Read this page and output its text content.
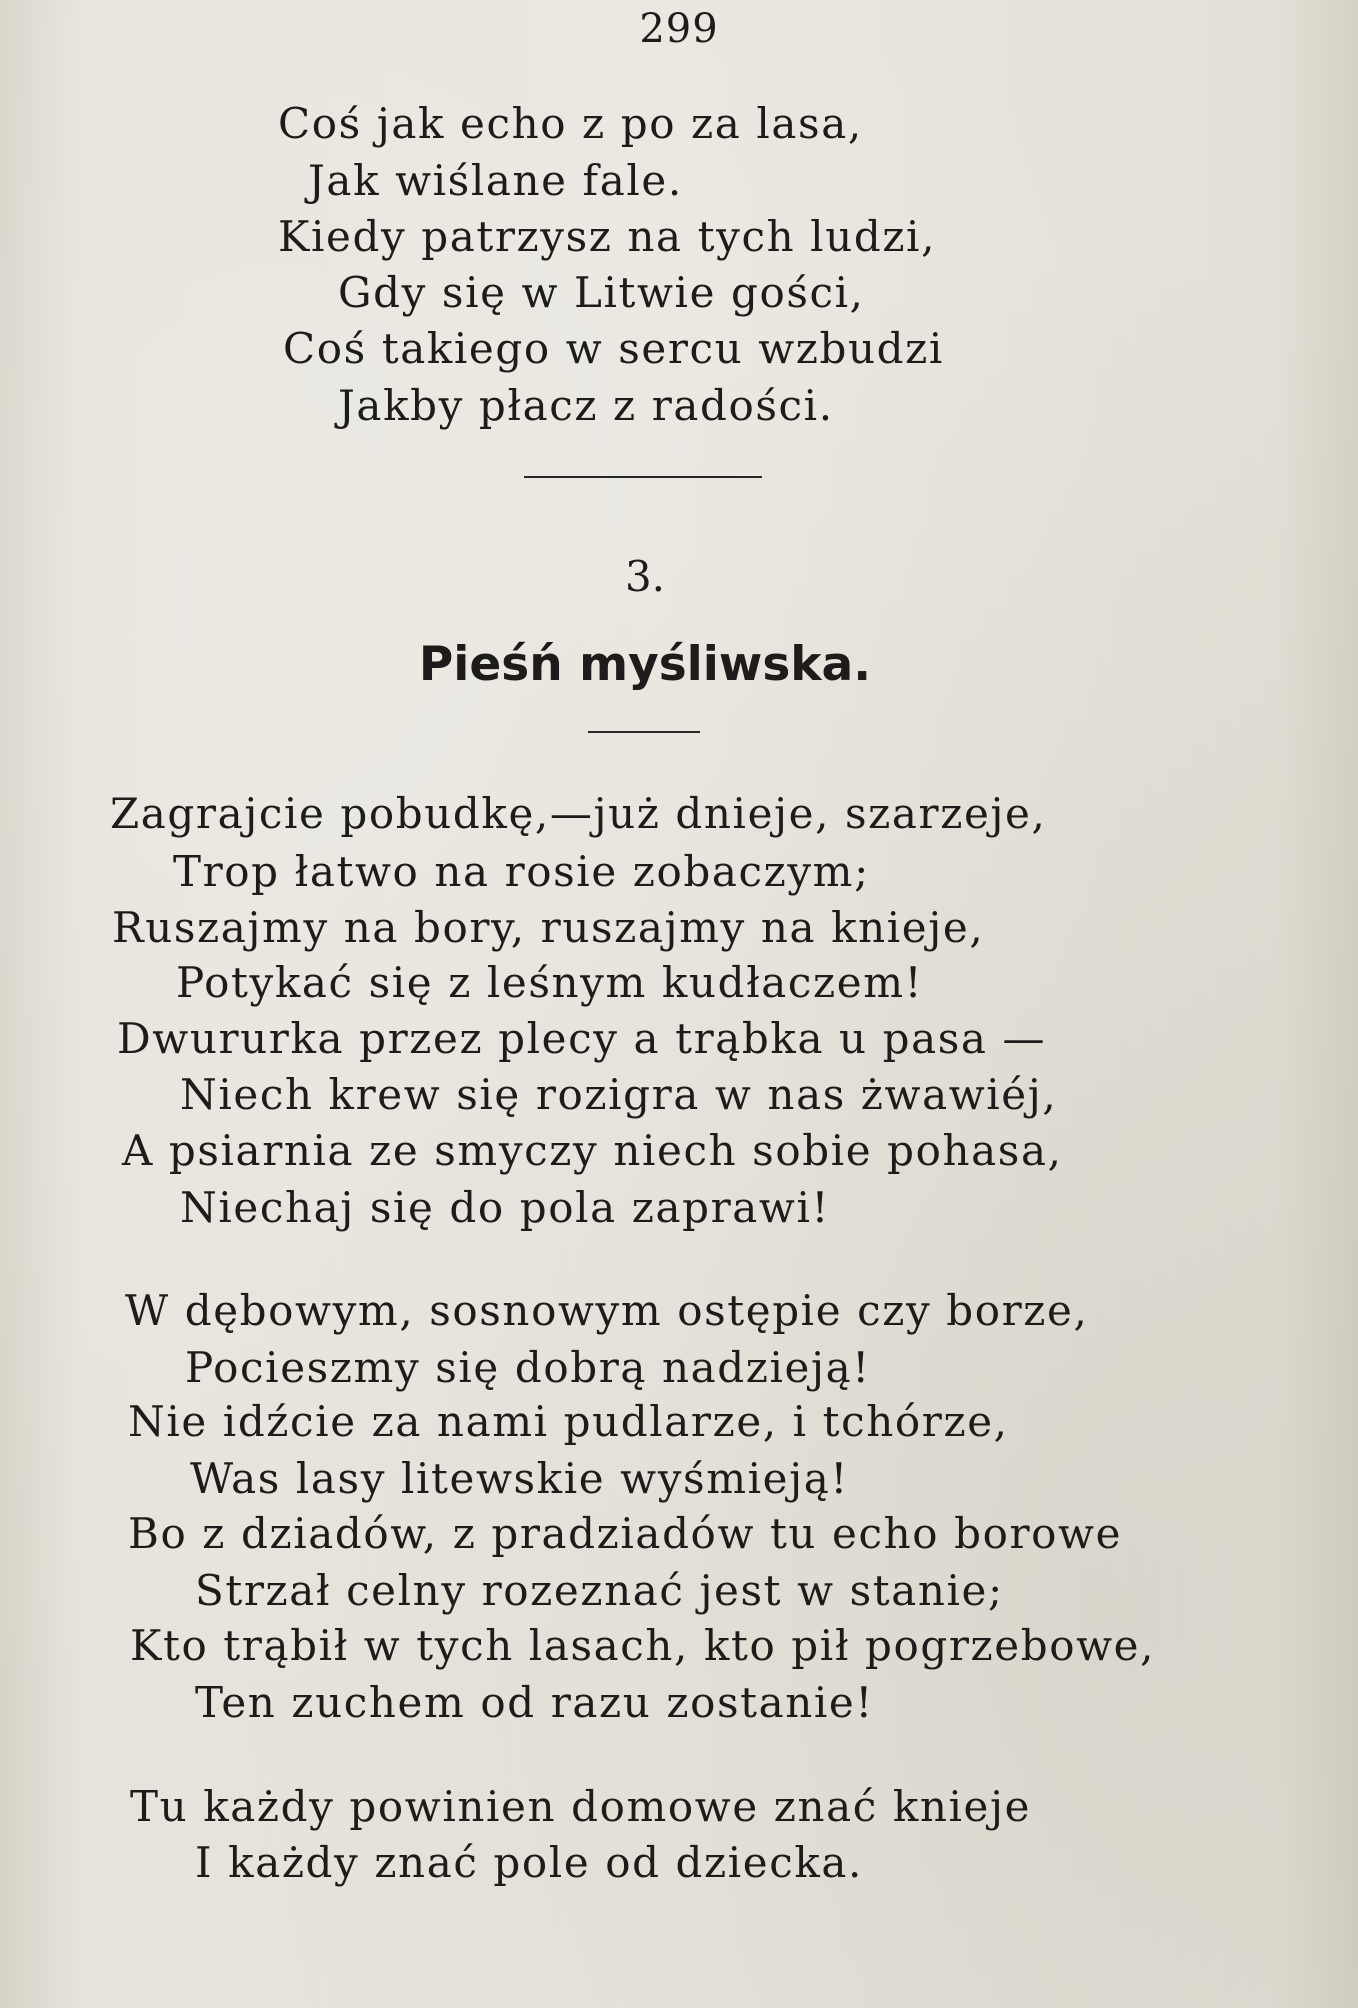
299
Coś jak echo z po za lasa,
Jak wiślane fale.
Kiedy patrzysz na tych ludzi,
Gdy się w Litwie gości,
Coś takiego w sercu wzbudzi
Jakby płacz z radości.
3.
Pieśń myśliwska.
Zagrajcie pobudkę,—już dnieje, szarzeje,
Trop łatwo na rosie zobaczym;
Ruszajmy na bory, ruszajmy na knieje,
Potykać się z leśnym kudłaczem!
Dwururka przez plecy a trąbka u pasa —
Niech krew się rozigra w nas żwawiéj,
A psiarnia ze smyczy niech sobie pohasa,
Niechaj się do pola zaprawi!
W dębowym, sosnowym ostępie czy borze,
Pocieszmy się dobrą nadzieją!
Nie idźcie za nami pudlarze, i tchórze,
Was lasy litewskie wyśmieją!
Bo z dziadów, z pradziadów tu echo borowe
Strzał celny rozeznać jest w stanie;
Kto trąbił w tych lasach, kto pił pogrzebowe,
Ten zuchem od razu zostanie!
Tu każdy powinien domowe znać knieje
I każdy znać pole od dziecka.
